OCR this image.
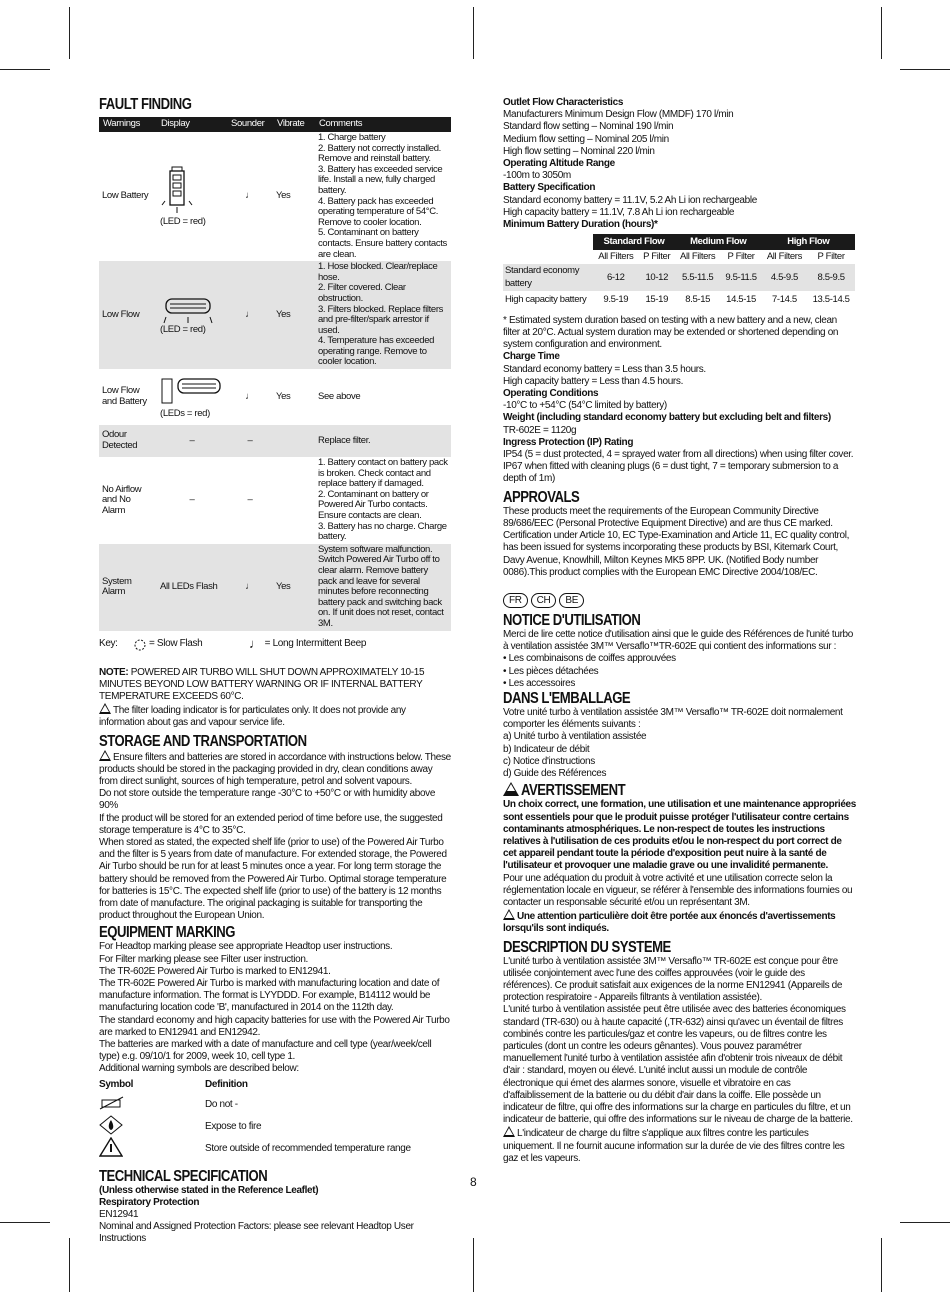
FAULT FINDING
Warnings	Display	Sounder	Vibrate	Comments
Low Battery	(LED = red)	♩	Yes	1. Charge battery
2. Battery not correctly installed. Remove and reinstall battery.
3. Battery has exceeded service life. Install a new, fully charged battery.
4. Battery pack has exceeded operating temperature of 54°C. Remove to cooler location.
5. Contaminant on battery contacts. Ensure battery contacts are clean.

Low Flow	(LED = red)	♩	Yes	1. Hose blocked. Clear/replace hose.
2. Filter covered. Clear obstruction.
3. Filters blocked. Replace filters and pre-filter/spark arrestor if used.
4. Temperature has exceeded operating range. Remove to cooler location.

Low Flow and Battery	(LEDs = red)	♩	Yes	See above
Odour Detected	–	–		Replace filter.
No Airflow and No Alarm	–	–		1. Battery contact on battery pack is broken. Check contact and replace battery if damaged.
2. Contaminant on battery or Powered Air Turbo contacts. Ensure contacts are clean.
3. Battery has no charge. Charge battery.

System Alarm	All LEDs Flash	♩	Yes	System software malfunction. Switch Powered Air Turbo off to clear alarm. Remove battery pack and leave for several minutes before reconnecting battery pack and switching back on. If unit does not reset, contact 3M.
Key:	= Slow Flash	♩ = Long Intermittent Beep

NOTE: POWERED AIR TURBO WILL SHUT DOWN APPROXIMATELY 10-15 MINUTES BEYOND LOW BATTERY WARNING OR IF INTERNAL BATTERY TEMPERATURE EXCEEDS 60°C.

The filter loading indicator is for particulates only. It does not provide any information about gas and vapour service life.

STORAGE AND TRANSPORTATION

Ensure filters and batteries are stored in accordance with instructions below. These products should be stored in the packaging provided in dry, clean conditions away from direct sunlight, sources of high temperature, petrol and solvent vapours.

Do not store outside the temperature range -30°C to +50°C or with humidity above 90%

If the product will be stored for an extended period of time before use, the suggested storage temperature is 4°C to 35°C.

When stored as stated, the expected shelf life (prior to use) of the Powered Air Turbo and the filter is 5 years from date of manufacture. For extended storage, the Powered Air Turbo should be run for at least 5 minutes once a year. For long term storage the battery should be removed from the Powered Air Turbo. Optimal storage temperature for batteries is 15°C. The expected shelf life (prior to use) of the battery is 12 months from date of manufacture. The original packaging is suitable for transporting the product throughout the European Union.

EQUIPMENT MARKING

For Headtop marking please see appropriate Headtop user instructions.

For Filter marking please see Filter user instruction.

The TR-602E Powered Air Turbo is marked to EN12941.

The TR-602E Powered Air Turbo is marked with manufacturing location and date of manufacture information. The format is LYYDDD. For example, B14112 would be manufacturing location code 'B', manufactured in 2014 on the 112th day.

The standard economy and high capacity batteries for use with the Powered Air Turbo are marked to EN12941 and EN12942.

The batteries are marked with a date of manufacture and cell type (year/week/cell type) e.g. 09/10/1 for 2009, week 10, cell type 1.

Additional warning symbols are described below:

Symbol	Definition
Do not -
Expose to fire
Store outside of recommended temperature range
TECHNICAL SPECIFICATION

(Unless otherwise stated in the Reference Leaflet)

Respiratory Protection

EN12941

Nominal and Assigned Protection Factors: please see relevant Headtop User Instructions

Outlet Flow Characteristics

Manufacturers Minimum Design Flow (MMDF) 170 l/min

Standard flow setting – Nominal 190 l/min

Medium flow setting – Nominal 205 l/min

High flow setting – Nominal 220 l/min

Operating Altitude Range

-100m to 3050m

Battery Specification

Standard economy battery = 11.1V, 5.2 Ah Li ion rechargeable

High capacity battery = 11.1V, 7.8 Ah Li ion rechargeable

Minimum Battery Duration (hours)*

	Standard Flow		Medium Flow		High Flow	
	All Filters	P Filter	All Filters	P Filter	All Filters	P Filter
Standard economy battery	6-12	10-12	5.5-11.5	9.5-11.5	4.5-9.5	8.5-9.5
High capacity battery	9.5-19	15-19	8.5-15	14.5-15	7-14.5	13.5-14.5

* Estimated system duration based on testing with a new battery and a new, clean filter at 20°C. Actual system duration may be extended or shortened depending on system configuration and environment.

Charge Time

Standard economy battery = Less than 3.5 hours.

High capacity battery = Less than 4.5 hours.

Operating Conditions

-10°C to +54°C (54°C limited by battery)

Weight (including standard economy battery but excluding belt and filters)

TR-602E = 1120g

Ingress Protection (IP) Rating

IP54 (5 = dust protected, 4 = sprayed water from all directions) when using filter cover.

IP67 when fitted with cleaning plugs (6 = dust tight, 7 = temporary submersion to a depth of 1m)

APPROVALS

These products meet the requirements of the European Community Directive 89/686/EEC (Personal Protective Equipment Directive) and are thus CE marked.

Certification under Article 10, EC Type-Examination and Article 11, EC quality control, has been issued for systems incorporating these products by BSI, Kitemark Court, Davy Avenue, Knowlhill, Milton Keynes MK5 8PP. UK. (Notified Body number 0086).This product complies with the European EMC Directive 2004/108/EC.

FR CH BE
NOTICE D'UTILISATION

Merci de lire cette notice d'utilisation ainsi que le guide des Références de l'unité turbo à ventilation assistée 3M™ Versaflo™TR-602E qui contient des informations sur :

• Les combinaisons de coiffes approuvées

• Les pièces détachées

• Les accessoires

DANS L'EMBALLAGE

Votre unité turbo à ventilation assistée 3M™ Versaflo™ TR-602E doit normalement comporter les éléments suivants :

a) Unité turbo à ventilation assistée

b) Indicateur de débit

c) Notice d'instructions

d) Guide des Références

AVERTISSEMENT

Un choix correct, une formation, une utilisation et une maintenance appropriées sont essentiels pour que le produit puisse protéger l'utilisateur contre certains contaminants atmosphériques. Le non-respect de toutes les instructions relatives à l'utilisation de ces produits et/ou le non-respect du port correct de cet appareil pendant toute la période d'exposition peut nuire à la santé de l'utilisateur et provoquer une maladie grave ou une invalidité permanente.

Pour une adéquation du produit à votre activité et une utilisation correcte selon la réglementation locale en vigueur, se référer à l'ensemble des informations fournies ou contacter un responsable sécurité et/ou un représentant 3M.

Une attention particulière doit être portée aux énoncés d'avertissements lorsqu'ils sont indiqués.

DESCRIPTION DU SYSTEME

L'unité turbo à ventilation assistée 3M™ Versaflo™ TR-602E est conçue pour être utilisée conjointement avec l'une des coiffes approuvées (voir le guide des références). Ce produit satisfait aux exigences de la norme EN12941 (Appareils de protection respiratoire - Appareils filtrants à ventilation assistée).

L'unité turbo à ventilation assistée peut être utilisée avec des batteries économiques standard (TR-630) ou à haute capacité (,TR-632) ainsi qu'avec un éventail de filtres combinés contre les particules/gaz et contre les vapeurs, ou de filtres contre les particules (dont un contre les odeurs gênantes). Vous pouvez paramétrer manuellement l'unité turbo à ventilation assistée afin d'obtenir trois niveaux de débit d'air : standard, moyen ou élevé. L'unité inclut aussi un module de contrôle électronique qui émet des alarmes sonore, visuelle et vibratoire en cas d'affaiblissement de la batterie ou du débit d'air dans la coiffe. Elle possède un indicateur de filtre, qui offre des informations sur la charge en particules du filtre, et un indicateur de batterie, qui offre des informations sur le niveau de charge de la batterie.

L'indicateur de charge du filtre s'applique aux filtres contre les particules uniquement. Il ne fournit aucune information sur la durée de vie des filtres contre les gaz et les vapeurs.

8
